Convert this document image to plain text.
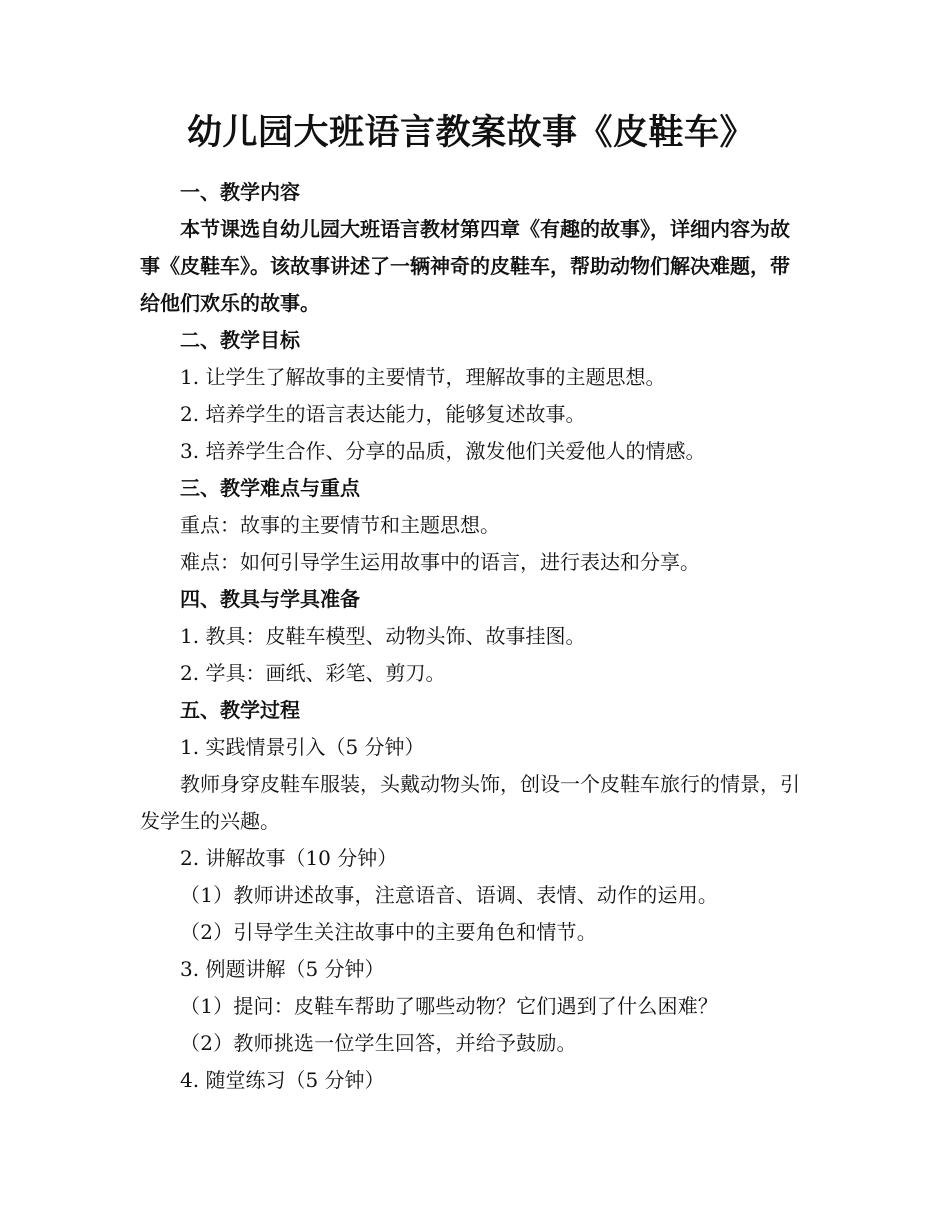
幼儿园大班语言教案故事《皮鞋车》

一、教学内容

本节课选自幼儿园大班语言教材第四章《有趣的故事》，详细内容为故事《皮鞋车》。该故事讲述了一辆神奇的皮鞋车，帮助动物们解决难题，带给他们欢乐的故事。

二、教学目标

1. 让学生了解故事的主要情节，理解故事的主题思想。

2. 培养学生的语言表达能力，能够复述故事。

3. 培养学生合作、分享的品质，激发他们关爱他人的情感。

三、教学难点与重点

重点：故事的主要情节和主题思想。

难点：如何引导学生运用故事中的语言，进行表达和分享。

四、教具与学具准备

1. 教具：皮鞋车模型、动物头饰、故事挂图。

2. 学具：画纸、彩笔、剪刀。

五、教学过程

1. 实践情景引入（5 分钟）

教师身穿皮鞋车服装，头戴动物头饰，创设一个皮鞋车旅行的情景，引发学生的兴趣。

2. 讲解故事（10 分钟）

（1）教师讲述故事，注意语音、语调、表情、动作的运用。

（2）引导学生关注故事中的主要角色和情节。

3. 例题讲解（5 分钟）

（1）提问：皮鞋车帮助了哪些动物？它们遇到了什么困难？

（2）教师挑选一位学生回答，并给予鼓励。

4. 随堂练习（5 分钟）
